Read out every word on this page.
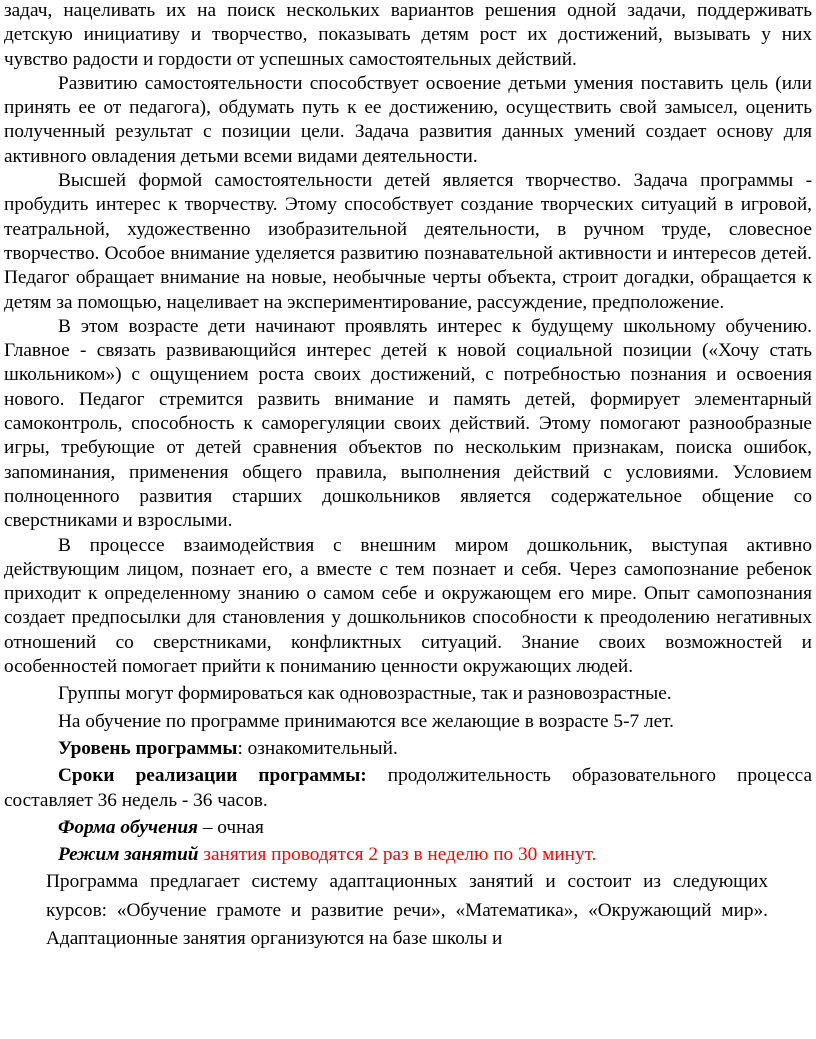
задач, нацеливать их на поиск нескольких вариантов решения одной задачи, поддерживать детскую инициативу и творчество, показывать детям рост их достижений, вызывать у них чувство радости и гордости от успешных самостоятельных действий.

Развитию самостоятельности способствует освоение детьми умения поставить цель (или принять ее от педагога), обдумать путь к ее достижению, осуществить свой замысел, оценить полученный результат с позиции цели. Задача развития данных умений создает основу для активного овладения детьми всеми видами деятельности.

Высшей формой самостоятельности детей является творчество. Задача программы - пробудить интерес к творчеству. Этому способствует создание творческих ситуаций в игровой, театральной, художественно изобразительной деятельности, в ручном труде, словесное творчество. Особое внимание уделяется развитию познавательной активности и интересов детей. Педагог обращает внимание на новые, необычные черты объекта, строит догадки, обращается к детям за помощью, нацеливает на экспериментирование, рассуждение, предположение.

В этом возрасте дети начинают проявлять интерес к будущему школьному обучению. Главное - связать развивающийся интерес детей к новой социальной позиции («Хочу стать школьником») с ощущением роста своих достижений, с потребностью познания и освоения нового. Педагог стремится развить внимание и память детей, формирует элементарный самоконтроль, способность к саморегуляции своих действий. Этому помогают разнообразные игры, требующие от детей сравнения объектов по нескольким признакам, поиска ошибок, запоминания, применения общего правила, выполнения действий с условиями. Условием полноценного развития старших дошкольников является содержательное общение со сверстниками и взрослыми.

В процессе взаимодействия с внешним миром дошкольник, выступая активно действующим лицом, познает его, а вместе с тем познает и себя. Через самопознание ребенок приходит к определенному знанию о самом себе и окружающем его мире. Опыт самопознания создает предпосылки для становления у дошкольников способности к преодолению негативных отношений со сверстниками, конфликтных ситуаций. Знание своих возможностей и особенностей помогает прийти к пониманию ценности окружающих людей.

Группы могут формироваться как одновозрастные, так и разновозрастные.

На обучение по программе принимаются все желающие в возрасте 5-7 лет.

Уровень программы: ознакомительный.

Сроки реализации программы: продолжительность образовательного процесса составляет 36 недель - 36 часов.

Форма обучения – очная

Режим занятий занятия проводятся 2 раз в неделю по 30 минут.

Программа предлагает систему адаптационных занятий и состоит из следующих курсов: «Обучение грамоте и развитие речи», «Математика», «Окружающий мир». Адаптационные занятия организуются на базе школы и
